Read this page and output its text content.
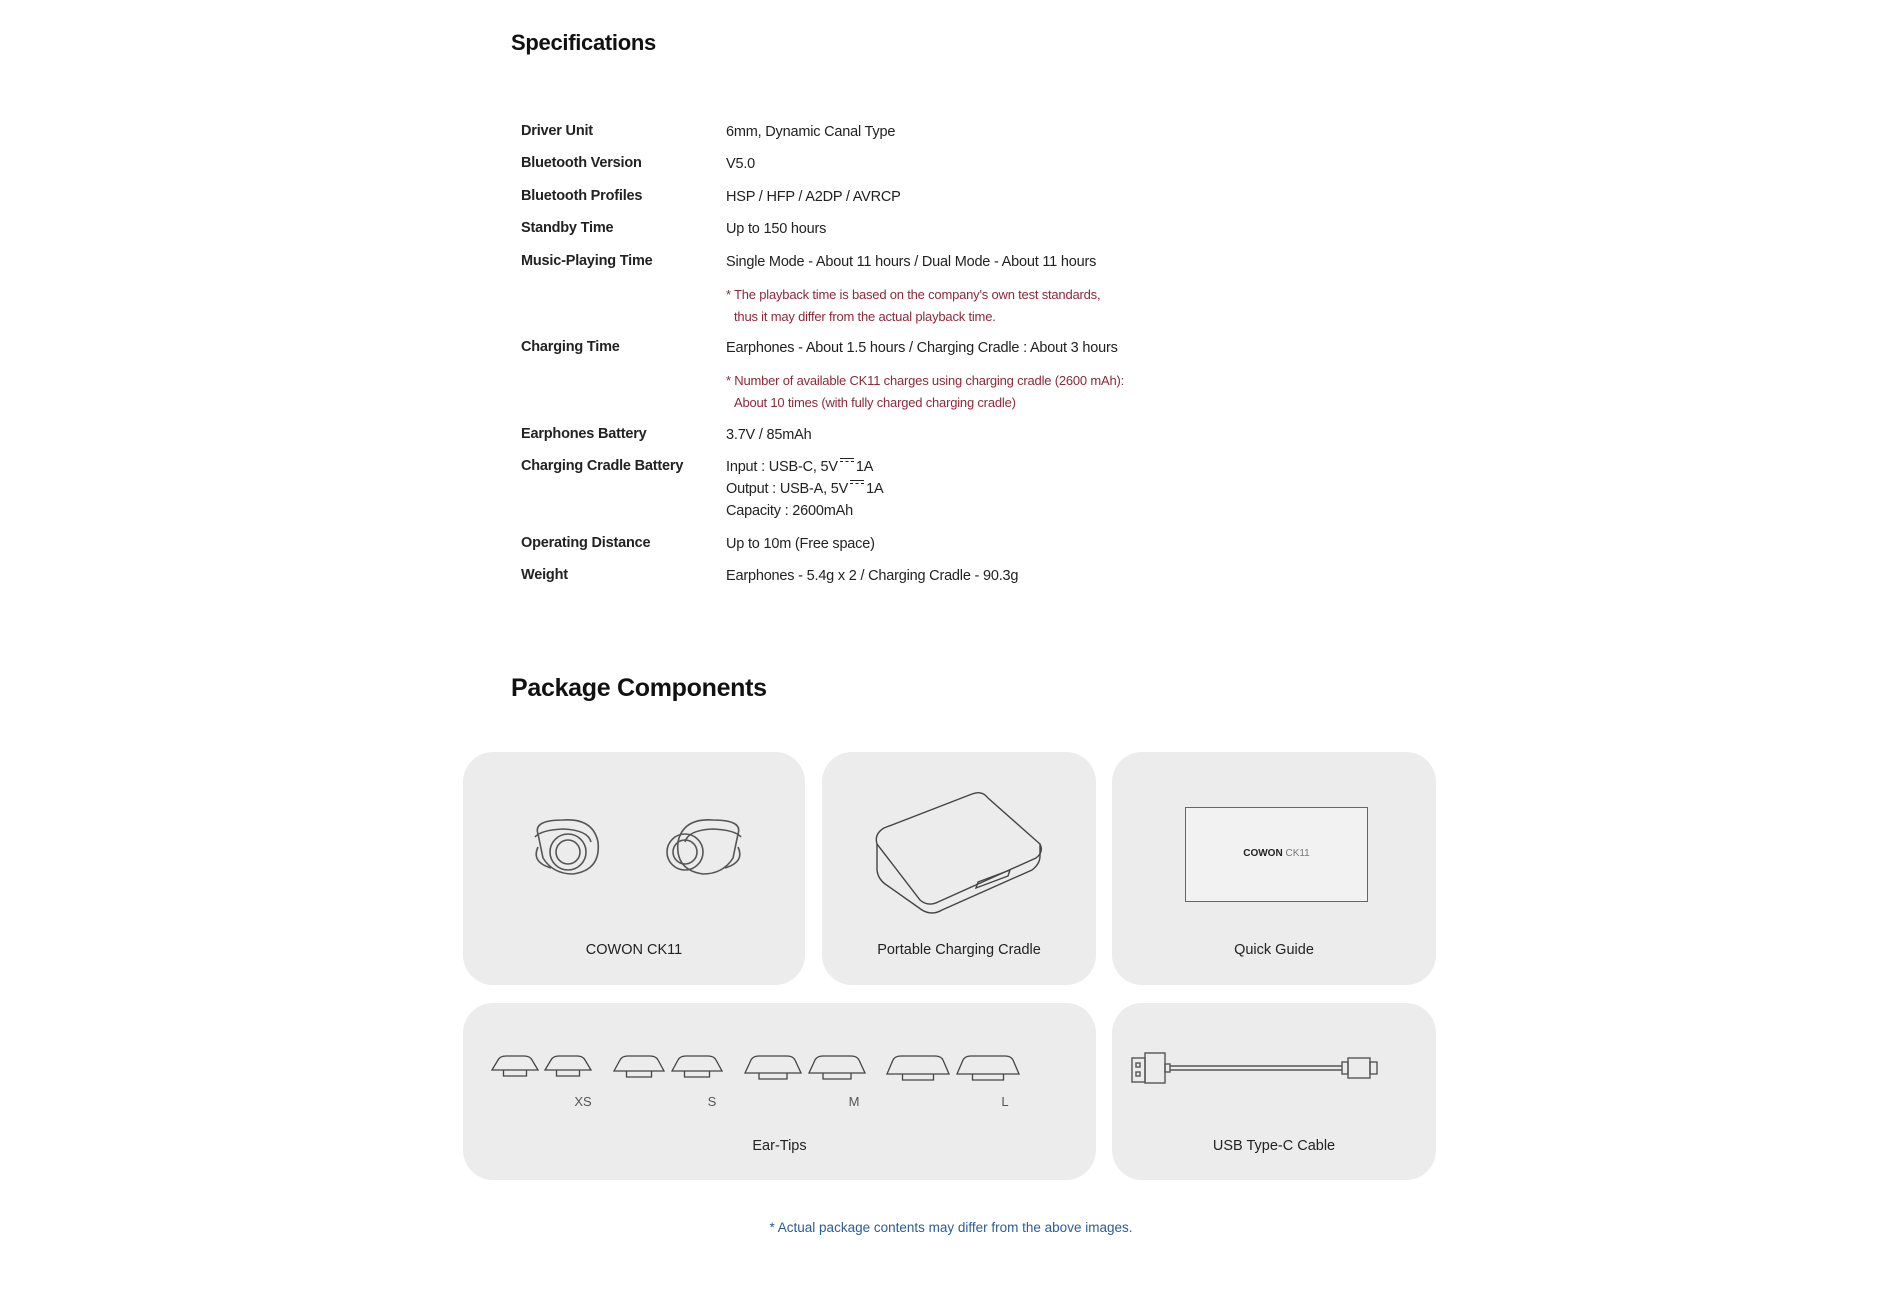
Specifications
Driver Unit	6mm, Dynamic Canal Type
Bluetooth Version	V5.0
Bluetooth Profiles	HSP / HFP / A2DP / AVRCP
Standby Time	Up to 150 hours
Music-Playing Time	Single Mode - About 11 hours / Dual Mode - About 11 hours
* The playback time is based on the company's own test standards,
thus it may differ from the actual playback time.
Charging Time	Earphones - About 1.5 hours / Charging Cradle : About 3 hours
* Number of available CK11 charges using charging cradle (2600 mAh):
About 10 times (with fully charged charging cradle)
Earphones Battery	3.7V / 85mAh
Charging Cradle Battery	Input : USB-C, 5V 1A
Output : USB-A, 5V 1A
Capacity : 2600mAh
Operating Distance	Up to 10m (Free space)
Weight	Earphones - 5.4g x 2 / Charging Cradle - 90.3g
Package Components
COWON CK11	Portable Charging Cradle
COWON CK11
Quick Guide
XS	S	M	L
Ear-Tips	USB Type-C Cable
* Actual package contents may differ from the above images.
